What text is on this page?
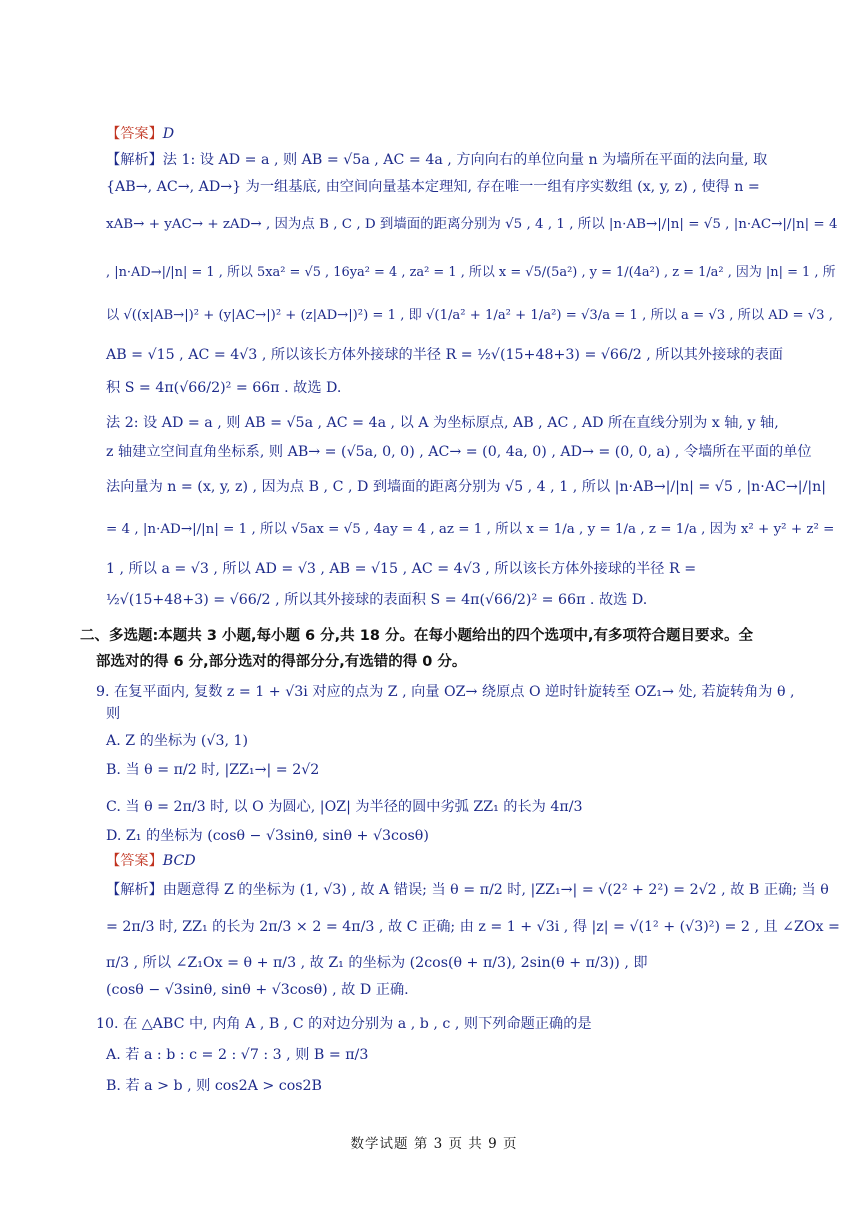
【答案】D
【解析】法 1: 设 AD = a , 则 AB = √5a , AC = 4a , 方向向右的单位向量 n 为墙所在平面的法向量, 取
{AB→, AC→, AD→} 为一组基底, 由空间向量基本定理知, 存在唯一一组有序实数组 (x, y, z) , 使得 n =
xAB→ + yAC→ + zAD→ , 因为点 B , C , D 到墙面的距离分别为 √5 , 4 , 1 , 所以 |n·AB→|/|n| = √5 , |n·AC→|/|n| = 4
, |n·AD→|/|n| = 1 , 所以 5xa² = √5 , 16ya² = 4 , za² = 1 , 所以 x = √5/(5a²) , y = 1/(4a²) , z = 1/a² , 因为 |n| = 1 , 所
以 √((x|AB→|)² + (y|AC→|)² + (z|AD→|)²) = 1 , 即 √(1/a² + 1/a² + 1/a²) = √3/a = 1 , 所以 a = √3 , 所以 AD = √3 ,
AB = √15 , AC = 4√3 , 所以该长方体外接球的半径 R = ½√(15+48+3) = √66/2 , 所以其外接球的表面
积 S = 4π(√66/2)² = 66π . 故选 D.
法 2: 设 AD = a , 则 AB = √5a , AC = 4a , 以 A 为坐标原点, AB , AC , AD 所在直线分别为 x 轴, y 轴,
z 轴建立空间直角坐标系, 则 AB→ = (√5a, 0, 0) , AC→ = (0, 4a, 0) , AD→ = (0, 0, a) , 令墙所在平面的单位
法向量为 n = (x, y, z) , 因为点 B , C , D 到墙面的距离分别为 √5 , 4 , 1 , 所以 |n·AB→|/|n| = √5 , |n·AC→|/|n|
= 4 , |n·AD→|/|n| = 1 , 所以 √5ax = √5 , 4ay = 4 , az = 1 , 所以 x = 1/a , y = 1/a , z = 1/a , 因为 x² + y² + z² =
1 , 所以 a = √3 , 所以 AD = √3 , AB = √15 , AC = 4√3 , 所以该长方体外接球的半径 R =
½√(15+48+3) = √66/2 , 所以其外接球的表面积 S = 4π(√66/2)² = 66π . 故选 D.
二、多选题:本题共 3 小题,每小题 6 分,共 18 分。在每小题给出的四个选项中,有多项符合题目要求。全
部选对的得 6 分,部分选对的得部分分,有选错的得 0 分。
9. 在复平面内, 复数 z = 1 + √3i 对应的点为 Z , 向量 OZ→ 绕原点 O 逆时针旋转至 OZ₁→ 处, 若旋转角为 θ ,
则
A. Z 的坐标为 (√3, 1)
B. 当 θ = π/2 时, |ZZ₁→| = 2√2
C. 当 θ = 2π/3 时, 以 O 为圆心, |OZ| 为半径的圆中劣弧 ZZ₁ 的长为 4π/3
D. Z₁ 的坐标为 (cosθ − √3sinθ, sinθ + √3cosθ)
【答案】BCD
【解析】由题意得 Z 的坐标为 (1, √3) , 故 A 错误; 当 θ = π/2 时, |ZZ₁→| = √(2² + 2²) = 2√2 , 故 B 正确; 当 θ
= 2π/3 时, ZZ₁ 的长为 2π/3 × 2 = 4π/3 , 故 C 正确; 由 z = 1 + √3i , 得 |z| = √(1² + (√3)²) = 2 , 且 ∠ZOx =
π/3 , 所以 ∠Z₁Ox = θ + π/3 , 故 Z₁ 的坐标为 (2cos(θ + π/3), 2sin(θ + π/3)) , 即
(cosθ − √3sinθ, sinθ + √3cosθ) , 故 D 正确.
10. 在 △ABC 中, 内角 A , B , C 的对边分别为 a , b , c , 则下列命题正确的是
A. 若 a : b : c = 2 : √7 : 3 , 则 B = π/3
B. 若 a > b , 则 cos2A > cos2B
数学试题 第 3 页 共 9 页
